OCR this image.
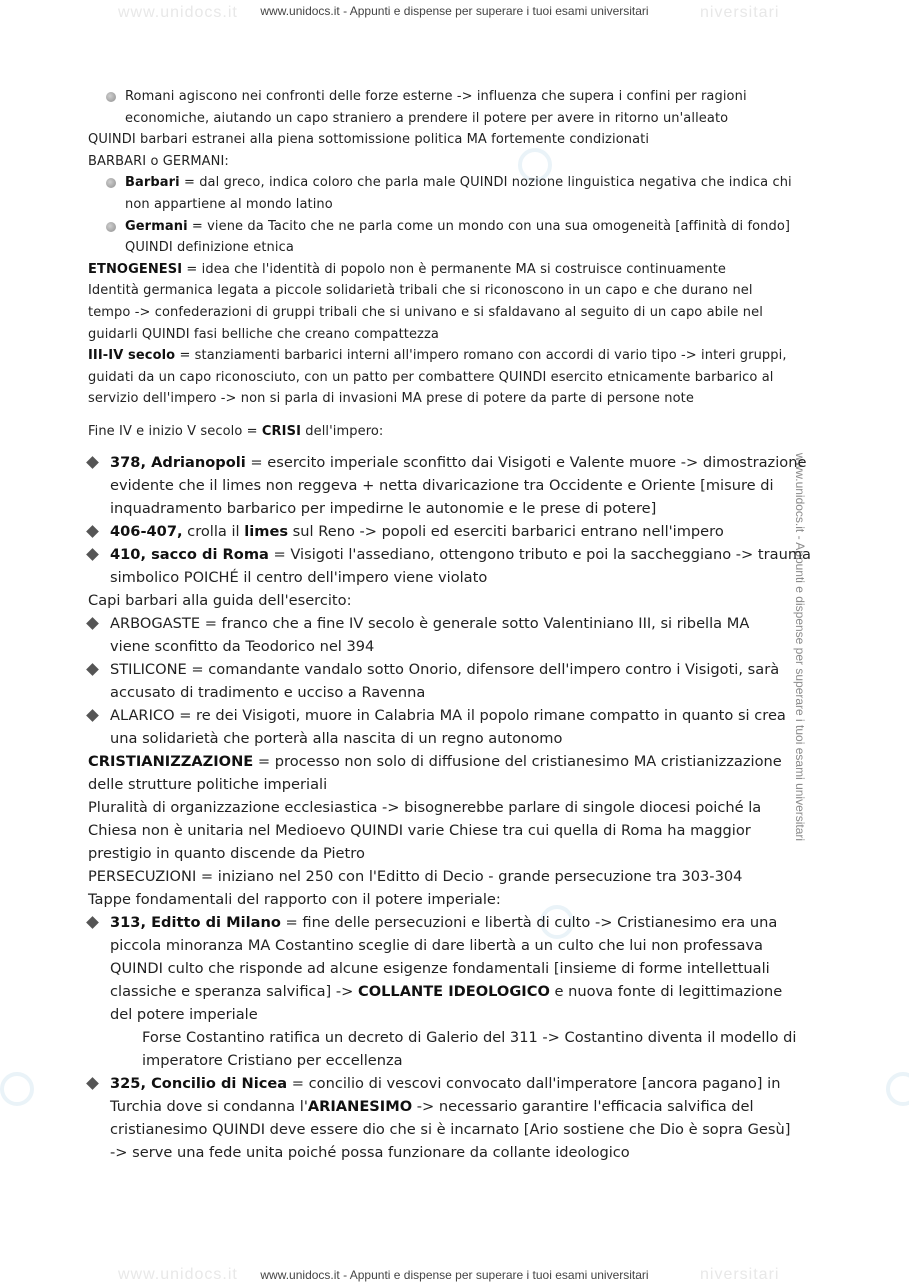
www.unidocs.it	niversitari
www.unidocs.it	niversitari
www.unidocs.it - Appunti e dispense per superare i tuoi esami universitari
www.unidocs.it - Appunti e dispense per superare i tuoi esami universitari
www.unidocs.it - Appunti e dispense per superare i tuoi esami universitari
Romani agiscono nei confronti delle forze esterne -> influenza che supera i confini per ragioni
economiche, aiutando un capo straniero a prendere il potere per avere in ritorno un'alleato
QUINDI barbari estranei alla piena sottomissione politica MA fortemente condizionati
BARBARI o GERMANI:
Barbari = dal greco, indica coloro che parla male QUINDI nozione linguistica negativa che indica chi
non appartiene al mondo latino
Germani = viene da Tacito che ne parla come un mondo con una sua omogeneità [affinità di fondo]
QUINDI definizione etnica
ETNOGENESI = idea che l'identità di popolo non è permanente MA si costruisce continuamente
Identità germanica legata a piccole solidarietà tribali che si riconoscono in un capo e che durano nel
tempo -> confederazioni di gruppi tribali che si univano e si sfaldavano al seguito di un capo abile nel
guidarli QUINDI fasi belliche che creano compattezza
III-IV secolo = stanziamenti barbarici interni all'impero romano con accordi di vario tipo -> interi gruppi,
guidati da un capo riconosciuto, con un patto per combattere QUINDI esercito etnicamente barbarico al
servizio dell'impero -> non si parla di invasioni MA prese di potere da parte di persone note
Fine IV e inizio V secolo = CRISI dell'impero:
378, Adrianopoli = esercito imperiale sconfitto dai Visigoti e Valente muore -> dimostrazione
evidente che il limes non reggeva + netta divaricazione tra Occidente e Oriente [misure di
inquadramento barbarico per impedirne le autonomie e le prese di potere]
406-407, crolla il limes sul Reno -> popoli ed eserciti barbarici entrano nell'impero
410, sacco di Roma = Visigoti l'assediano, ottengono tributo e poi la saccheggiano -> trauma
simbolico POICHÉ il centro dell'impero viene violato
Capi barbari alla guida dell'esercito:
ARBOGASTE = franco che a fine IV secolo è generale sotto Valentiniano III, si ribella MA
viene sconfitto da Teodorico nel 394
STILICONE = comandante vandalo sotto Onorio, difensore dell'impero contro i Visigoti, sarà
accusato di tradimento e ucciso a Ravenna
ALARICO = re dei Visigoti, muore in Calabria MA il popolo rimane compatto in quanto si crea
una solidarietà che porterà alla nascita di un regno autonomo
CRISTIANIZZAZIONE = processo non solo di diffusione del cristianesimo MA cristianizzazione
delle strutture politiche imperiali
Pluralità di organizzazione ecclesiastica -> bisognerebbe parlare di singole diocesi poiché la
Chiesa non è unitaria nel Medioevo QUINDI varie Chiese tra cui quella di Roma ha maggior
prestigio in quanto discende da Pietro
PERSECUZIONI = iniziano nel 250 con l'Editto di Decio - grande persecuzione tra 303-304
Tappe fondamentali del rapporto con il potere imperiale:
313, Editto di Milano = fine delle persecuzioni e libertà di culto -> Cristianesimo era una
piccola minoranza MA Costantino sceglie di dare libertà a un culto che lui non professava
QUINDI culto che risponde ad alcune esigenze fondamentali [insieme di forme intellettuali
classiche e speranza salvifica] -> COLLANTE IDEOLOGICO e nuova fonte di legittimazione
del potere imperiale
Forse Costantino ratifica un decreto di Galerio del 311 -> Costantino diventa il modello di
imperatore Cristiano per eccellenza
325, Concilio di Nicea = concilio di vescovi convocato dall'imperatore [ancora pagano] in
Turchia dove si condanna l'ARIANESIMO -> necessario garantire l'efficacia salvifica del
cristianesimo QUINDI deve essere dio che si è incarnato [Ario sostiene che Dio è sopra Gesù]
-> serve una fede unita poiché possa funzionare da collante ideologico
